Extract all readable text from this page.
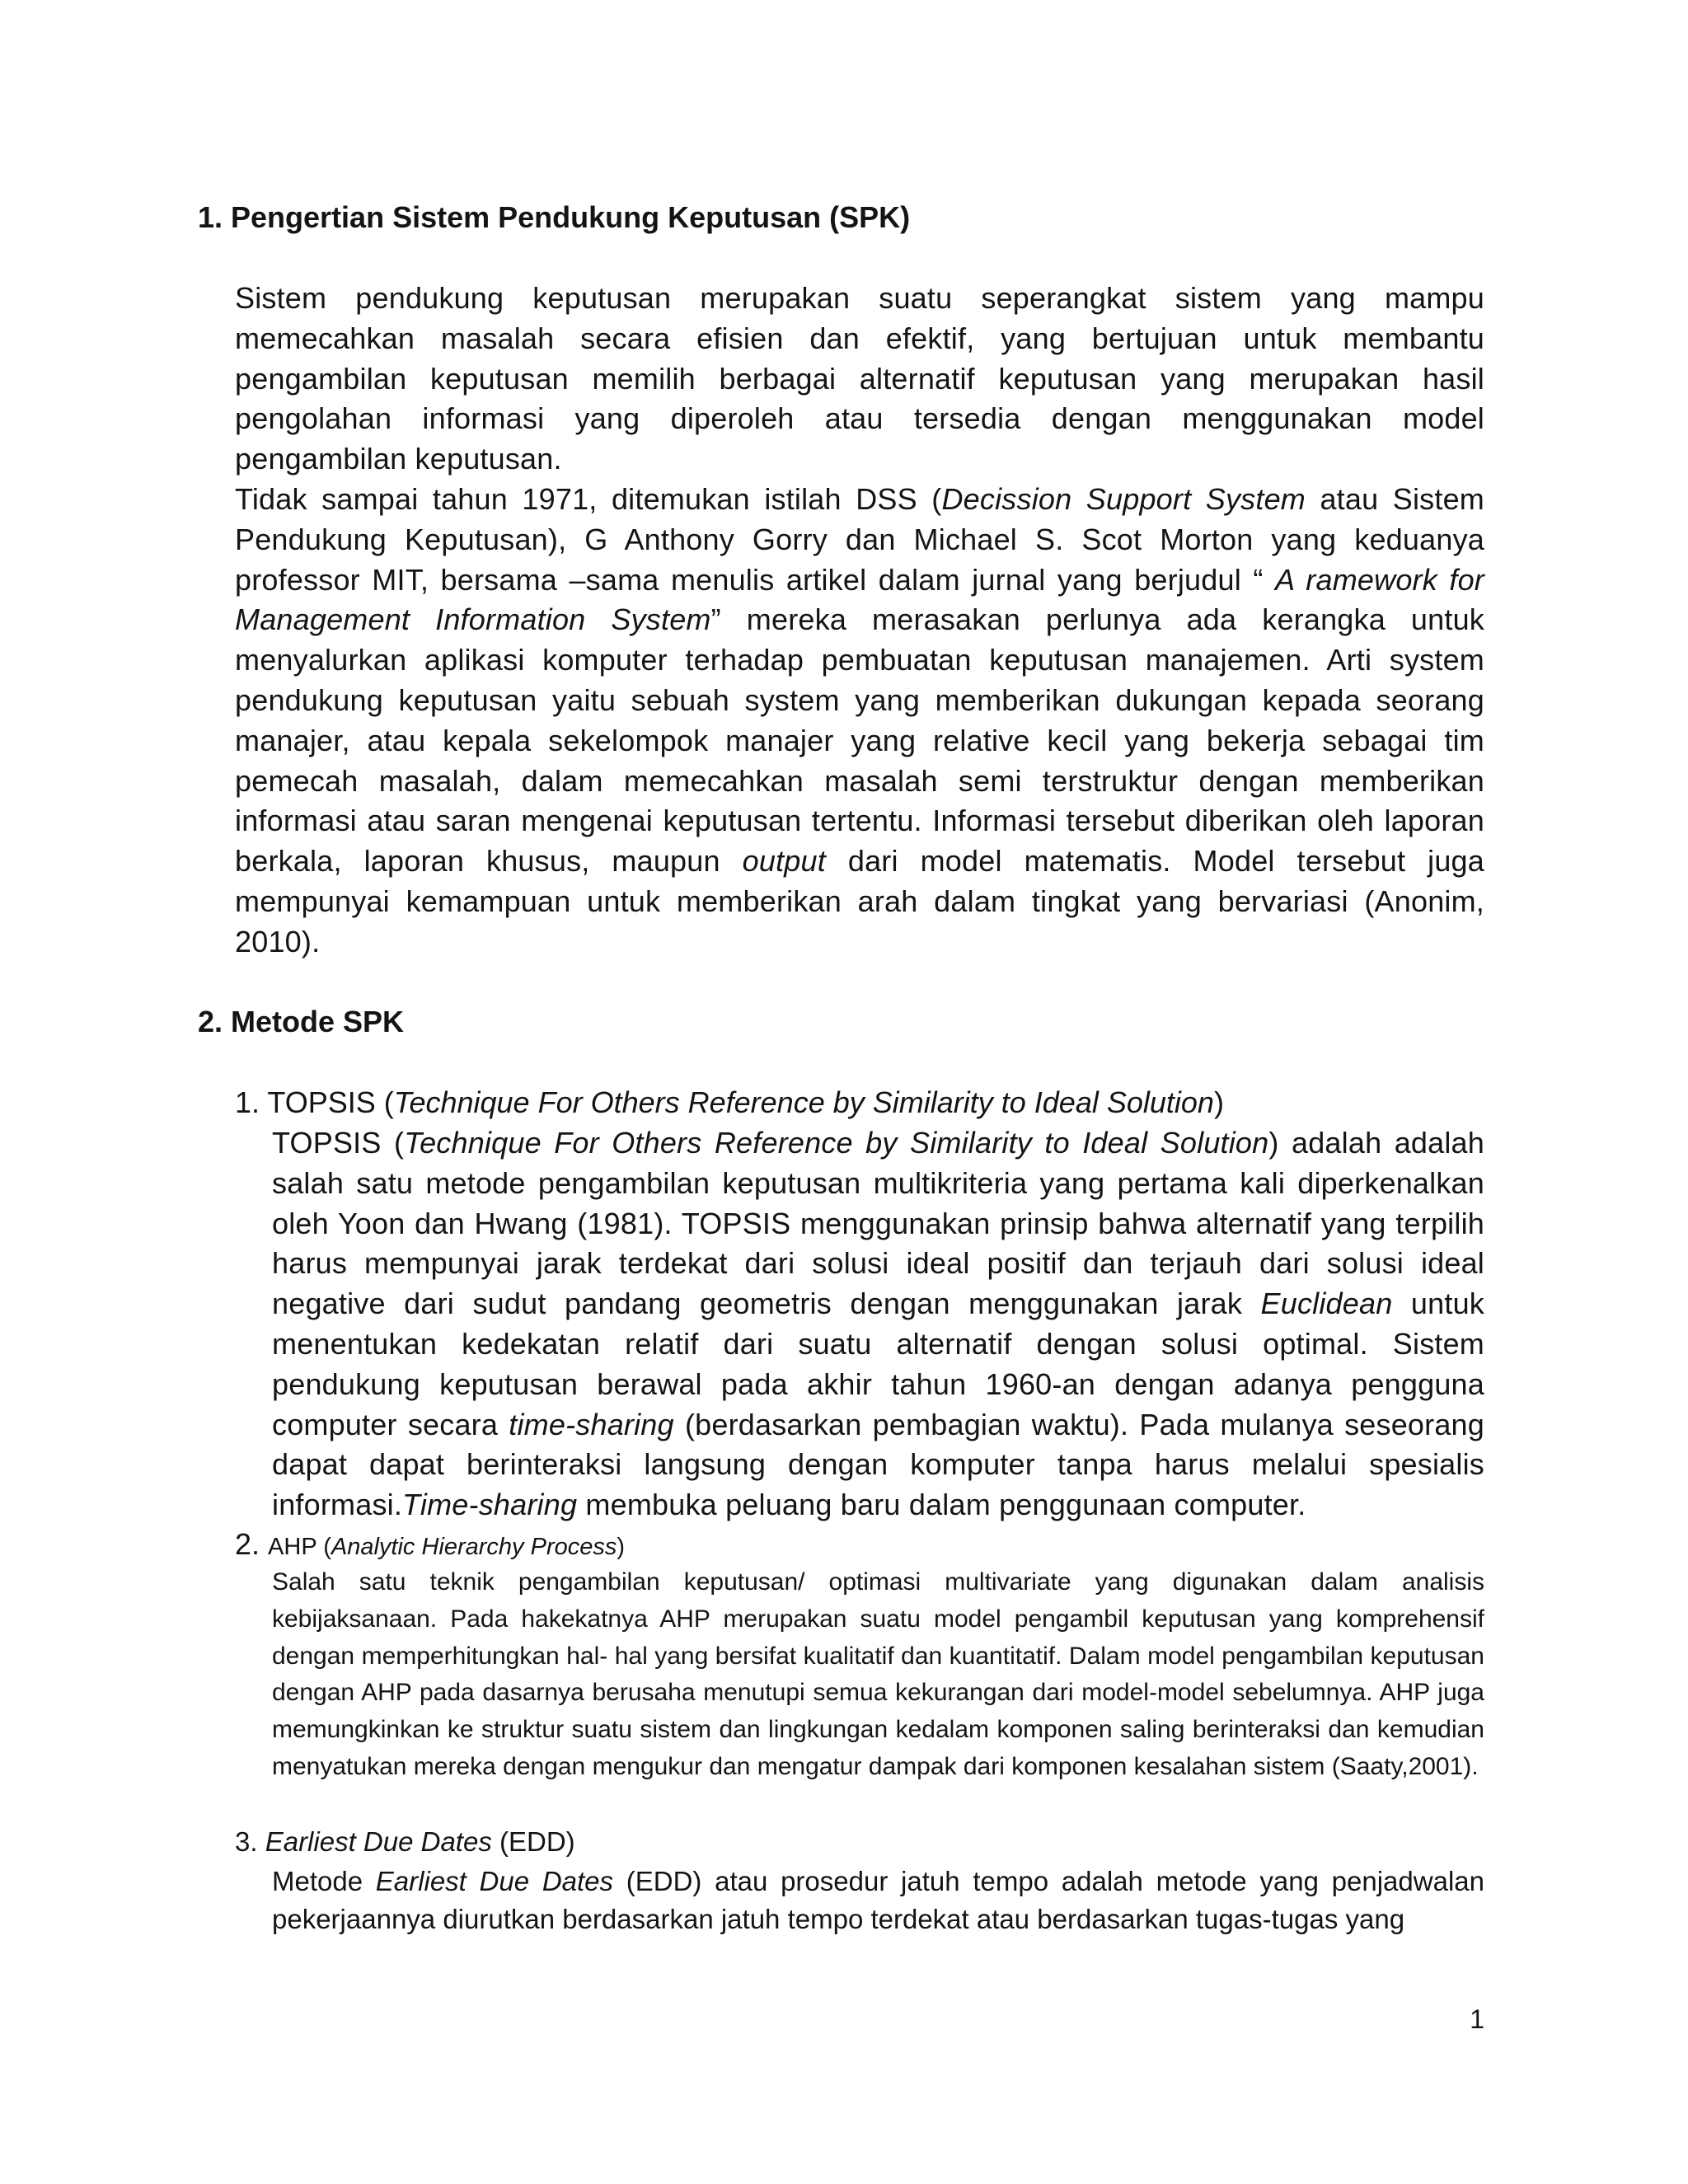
1. Pengertian Sistem Pendukung Keputusan (SPK)

Sistem pendukung keputusan merupakan suatu seperangkat sistem yang mampu memecahkan masalah secara efisien dan efektif, yang bertujuan untuk membantu pengambilan keputusan memilih berbagai alternatif keputusan yang merupakan hasil pengolahan informasi yang diperoleh atau tersedia dengan menggunakan model pengambilan keputusan.

Tidak sampai tahun 1971, ditemukan istilah DSS (Decission Support System atau Sistem Pendukung Keputusan), G Anthony Gorry dan Michael S. Scot Morton yang keduanya professor MIT, bersama –sama menulis artikel dalam jurnal yang berjudul “ A ramework for Management Information System” mereka merasakan perlunya ada kerangka untuk menyalurkan aplikasi komputer terhadap pembuatan keputusan manajemen. Arti system pendukung keputusan yaitu sebuah system yang memberikan dukungan kepada seorang manajer, atau kepala sekelompok manajer yang relative kecil yang bekerja sebagai tim pemecah masalah, dalam memecahkan masalah semi terstruktur dengan memberikan informasi atau saran mengenai keputusan tertentu. Informasi tersebut diberikan oleh laporan berkala, laporan khusus, maupun output dari model matematis. Model tersebut juga mempunyai kemampuan untuk memberikan arah dalam tingkat yang bervariasi (Anonim, 2010).

2. Metode SPK
1. TOPSIS (Technique For Others Reference by Similarity to Ideal Solution)

TOPSIS (Technique For Others Reference by Similarity to Ideal Solution) adalah adalah salah satu metode pengambilan keputusan multikriteria yang pertama kali diperkenalkan oleh Yoon dan Hwang (1981). TOPSIS menggunakan prinsip bahwa alternatif yang terpilih harus mempunyai jarak terdekat dari solusi ideal positif dan terjauh dari solusi ideal negative dari sudut pandang geometris dengan menggunakan jarak Euclidean untuk menentukan kedekatan relatif dari suatu alternatif dengan solusi optimal. Sistem pendukung keputusan berawal pada akhir tahun 1960-an dengan adanya pengguna computer secara time-sharing (berdasarkan pembagian waktu). Pada mulanya seseorang dapat dapat berinteraksi langsung dengan komputer tanpa harus melalui spesialis informasi.Time-sharing membuka peluang baru dalam penggunaan computer.

2. AHP (Analytic Hierarchy Process)
Salah satu teknik pengambilan keputusan/ optimasi multivariate yang digunakan dalam analisis kebijaksanaan. Pada hakekatnya AHP merupakan suatu model pengambil keputusan yang komprehensif dengan memperhitungkan hal- hal yang bersifat kualitatif dan kuantitatif. Dalam model pengambilan keputusan dengan AHP pada dasarnya berusaha menutupi semua kekurangan dari model-model sebelumnya. AHP juga memungkinkan ke struktur suatu sistem dan lingkungan kedalam komponen saling berinteraksi dan kemudian menyatukan mereka dengan mengukur dan mengatur dampak dari komponen kesalahan sistem (Saaty,2001).
3. Earliest Due Dates (EDD)

Metode Earliest Due Dates (EDD) atau prosedur jatuh tempo adalah metode yang penjadwalan pekerjaannya diurutkan berdasarkan jatuh tempo terdekat atau berdasarkan tugas-tugas yang

1
